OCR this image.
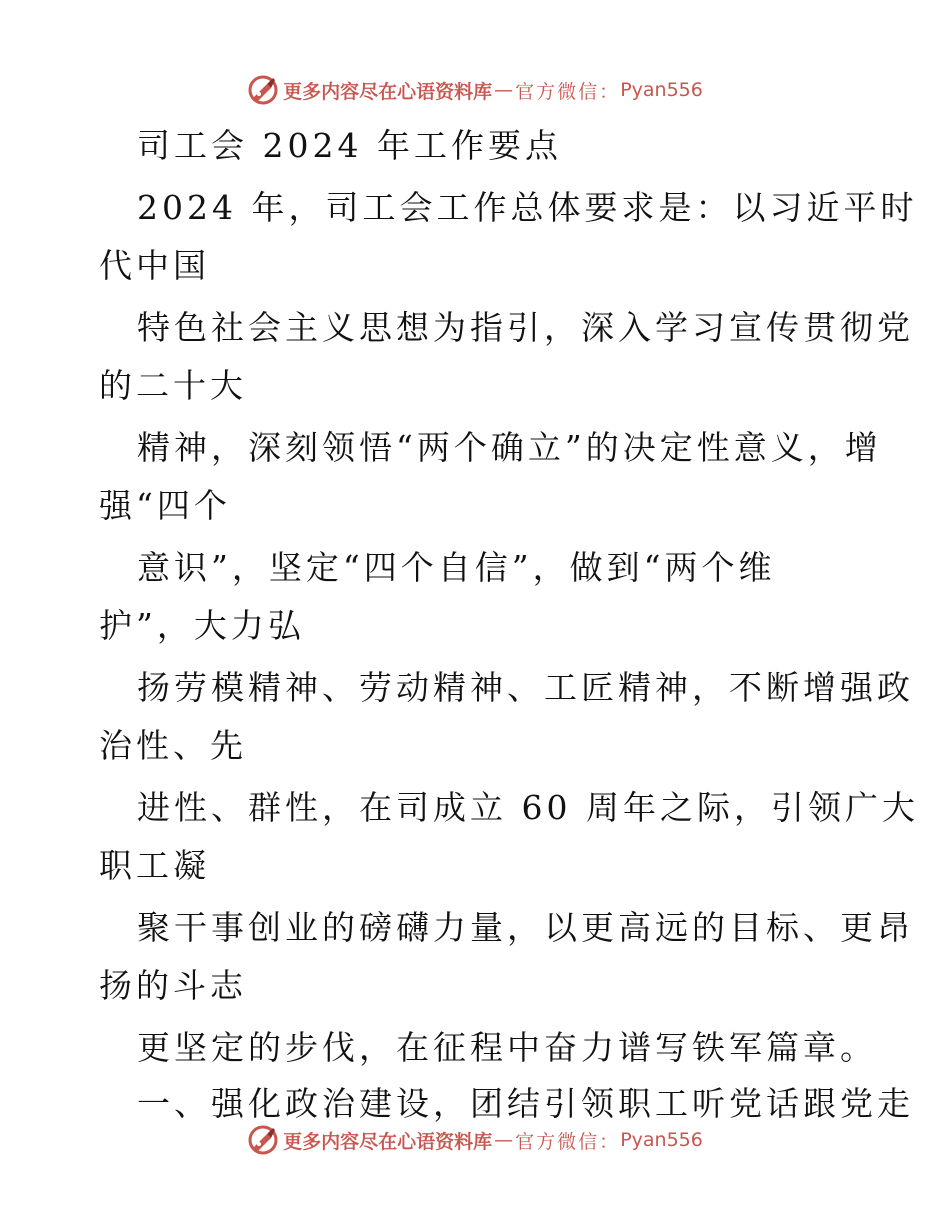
更多内容尽在心语资料库 — 官方微信： Pyan556
司工会 2024 年工作要点
2024 年，司工会工作总体要求是：以习近平时
代中国
特色社会主义思想为指引，深入学习宣传贯彻党
的二十大
精神，深刻领悟“两个确立”的决定性意义，增
强“四个
意识”，坚定“四个自信”，做到“两个维
护”，大力弘
扬劳模精神、劳动精神、工匠精神，不断增强政
治性、先
进性、群性，在司成立 60 周年之际，引领广大
职工凝
聚干事创业的磅礴力量，以更高远的目标、更昂
扬的斗志
更坚定的步伐，在征程中奋力谱写铁军篇章。
一、强化政治建设，团结引领职工听党话跟党走
更多内容尽在心语资料库 — 官方微信： Pyan556
